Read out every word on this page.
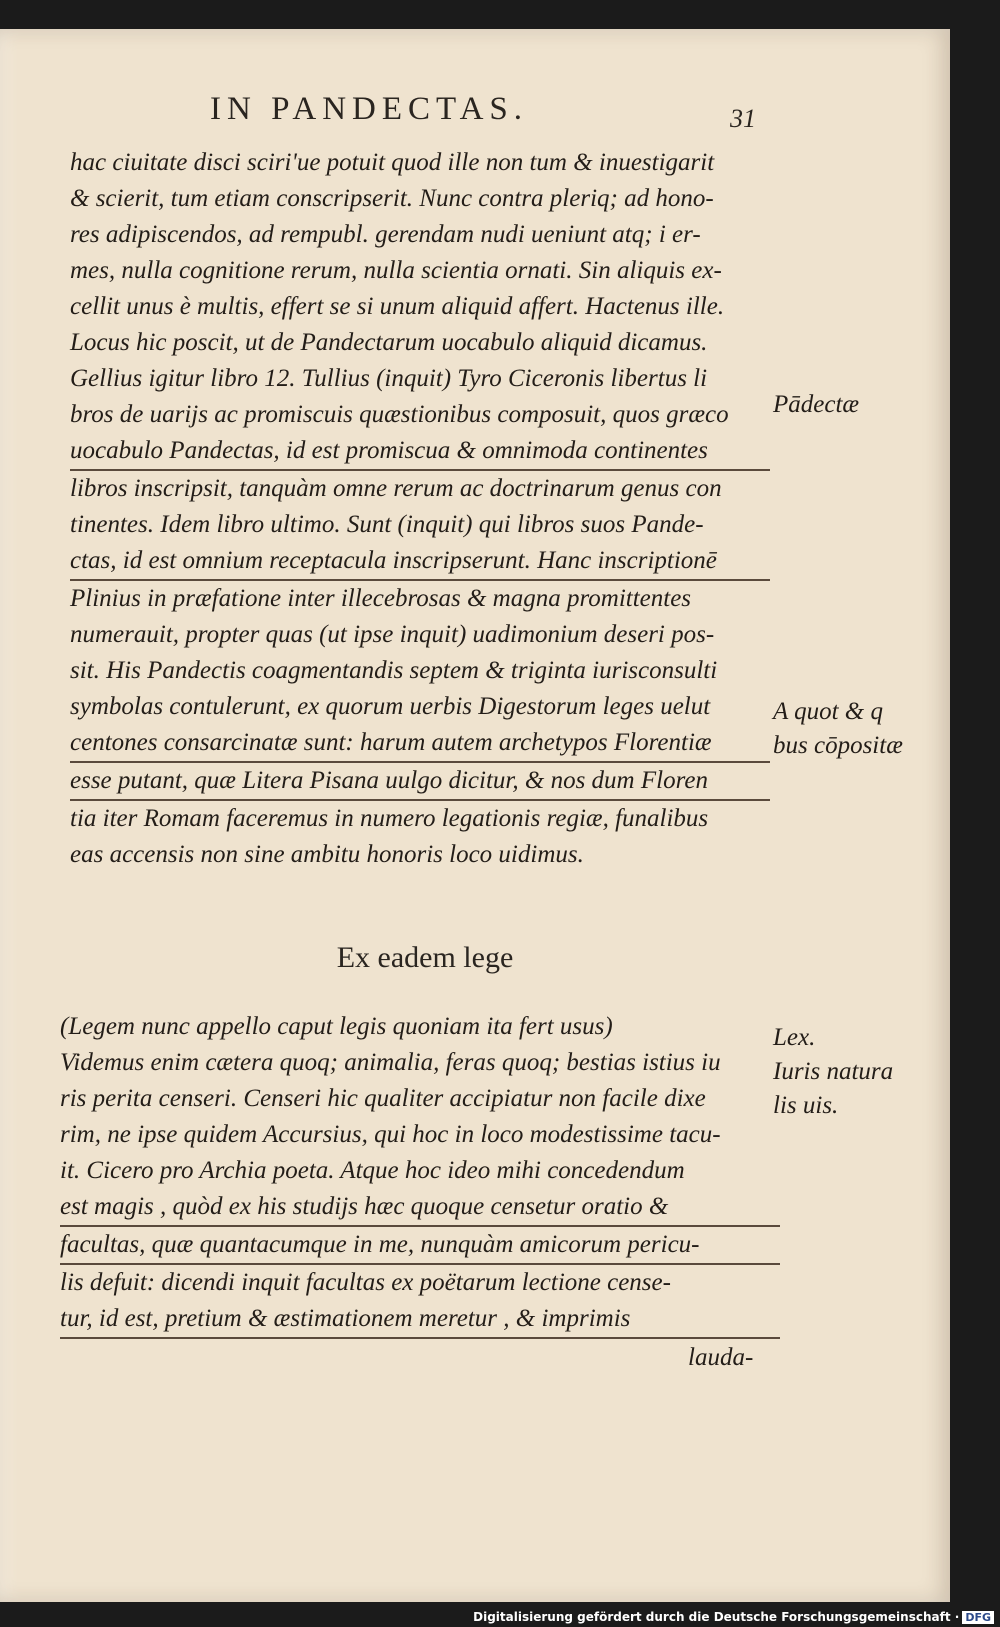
IN PANDECTAS.	31
hac ciuitate disci sciri'ue potuit quod ille non tum & inuestigarit
& scierit, tum etiam conscripserit. Nunc contra pleriq; ad hono-
res adipiscendos, ad rempubl. gerendam nudi ueniunt atq; i er-
mes, nulla cognitione rerum, nulla scientia ornati. Sin aliquis ex-
cellit unus è multis, effert se si unum aliquid affert. Hactenus ille.
Locus hic poscit, ut de Pandectarum uocabulo aliquid dicamus.
Gellius igitur libro 12. Tullius (inquit) Tyro Ciceronis libertus li
bros de uarijs ac promiscuis quæstionibus composuit, quos græco
uocabulo Pandectas, id est promiscua & omnimoda continentes
libros inscripsit, tanquàm omne rerum ac doctrinarum genus con
tinentes. Idem libro ultimo. Sunt (inquit) qui libros suos Pande-
ctas, id est omnium receptacula inscripserunt. Hanc inscriptionē
Plinius in præfatione inter illecebrosas & magna promittentes
numerauit, propter quas (ut ipse inquit) uadimonium deseri pos-
sit. His Pandectis coagmentandis septem & triginta iurisconsulti
symbolas contulerunt, ex quorum uerbis Digestorum leges uelut
centones consarcinatæ sunt: harum autem archetypos Florentiæ
esse putant, quæ Litera Pisana uulgo dicitur, & nos dum Floren
tia iter Romam faceremus in numero legationis regiæ, funalibus
eas accensis non sine ambitu honoris loco uidimus.
Ex eadem lege
(Legem nunc appello caput legis quoniam ita fert usus)
Videmus enim cætera quoq; animalia, feras quoq; bestias istius iu
ris perita censeri. Censeri hic qualiter accipiatur non facile dixe
rim, ne ipse quidem Accursius, qui hoc in loco modestissime tacu-
it. Cicero pro Archia poeta. Atque hoc ideo mihi concedendum
est magis , quòd ex his studijs hæc quoque censetur oratio &
facultas, quæ quantacumque in me, nunquàm amicorum pericu-
lis defuit: dicendi inquit facultas ex poëtarum lectione cense-
tur, id est, pretium & æstimationem meretur , & imprimis
Pādectæ
A quot & q
bus cōpositæ
Lex.
Iuris natura
lis uis.
lauda-
Digitalisierung gefördert durch die Deutsche Forschungsgemeinschaft · DFG
